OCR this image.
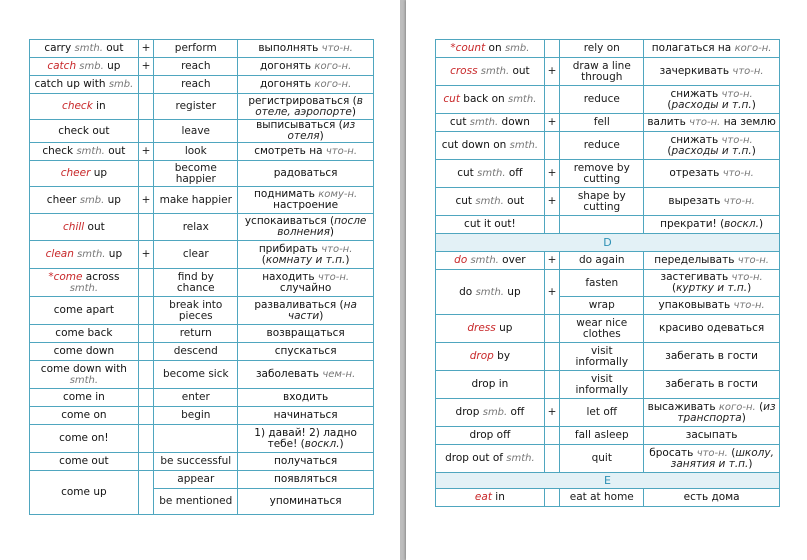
carry smth. out	+	perform	выполнять что-н.
catch smb. up	+	reach	догонять кого-н.
catch up with smb.		reach	догонять кого-н.
check in		register	регистрироваться (в отеле, аэропорте)
check out		leave	выписываться (из отеля)
check smth. out	+	look	смотреть на что-н.
cheer up		become happier	радоваться
cheer smb. up	+	make happier	поднимать кому-н. настроение
chill out		relax	успокаиваться (после волнения)
clean smth. up	+	clear	прибирать что-н. (комнату и т.п.)
*come across smth.		find by chance	находить что-н. случайно
come apart		break into pieces	разваливаться (на части)
come back		return	возвращаться
come down		descend	спускаться
come down with smth.		become sick	заболевать чем-н.
come in		enter	входить
come on		begin	начинаться
come on!			1) давай! 2) ладно тебе! (воскл.)
come out		be successful	получаться
come up		appear	появляться
		be mentioned	упоминаться
*count on smb.		rely on	полагаться на кого-н.
cross smth. out	+	draw a line through	зачеркивать что-н.
cut back on smth.		reduce	снижать что-н. (расходы и т.п.)
cut smth. down	+	fell	валить что-н. на землю
cut down on smth.		reduce	снижать что-н. (расходы и т.п.)
cut smth. off	+	remove by cutting	отрезать что-н.
cut smth. out	+	shape by cutting	вырезать что-н.
cut it out!			прекрати! (воскл.)
D			
do smth. over	+	do again	переделывать что-н.
do smth. up	+	fasten	застегивать что-н. (куртку и т.п.)
		wrap	упаковывать что-н.
dress up		wear nice clothes	красиво одеваться
drop by		visit informally	забегать в гости
drop in		visit informally	забегать в гости
drop smb. off	+	let off	высаживать кого-н. (из транспорта)
drop off		fall asleep	засыпать
drop out of smth.		quit	бросать что-н. (школу, занятия и т.п.)
E			
eat in		eat at home	есть дома
